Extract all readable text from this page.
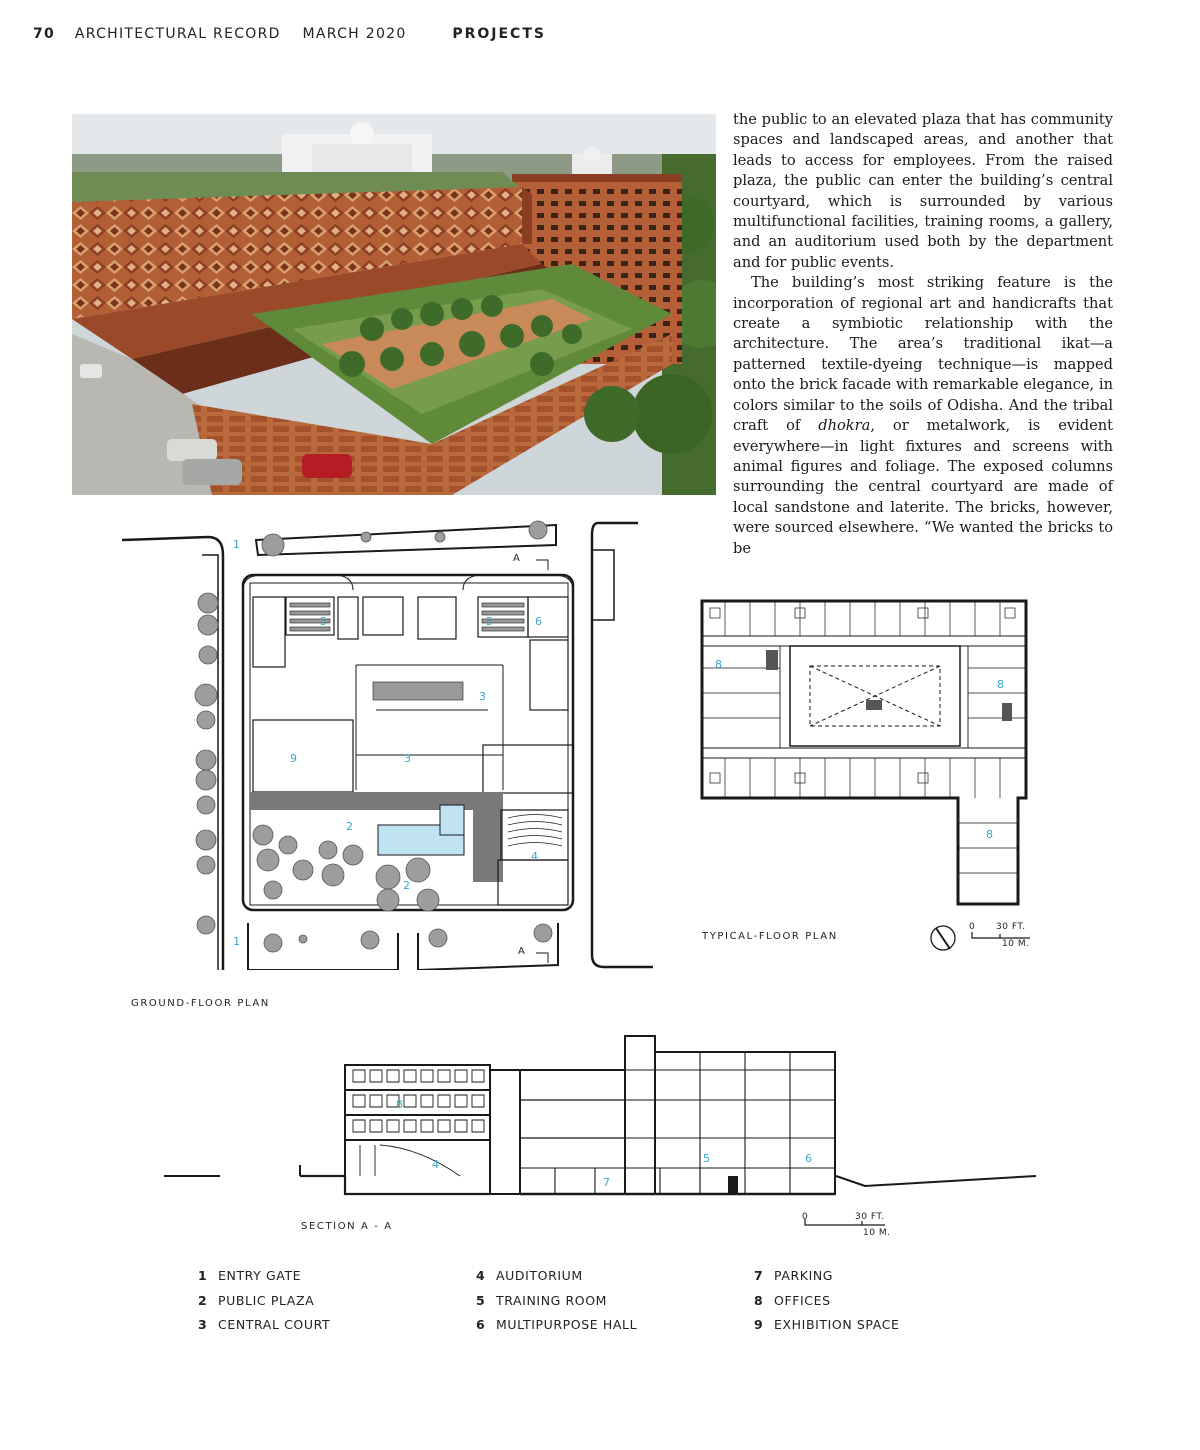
70 ARCHITECTURAL RECORD MARCH 2020	PROJECTS

the public to an elevated plaza that has community spaces and landscaped areas, and another that leads to access for employees. From the raised plaza, the public can enter the building’s central courtyard, which is surrounded by various multifunctional facilities, training rooms, a gallery, and an auditorium used both by the department and for public events.

The building’s most striking feature is the incorporation of regional art and handicrafts that create a symbiotic relationship with the architecture. The area’s traditional ikat—a patterned textile-dyeing technique—is mapped onto the brick facade with remarkable elegance, in colors similar to the soils of Odisha. And the tribal craft of dhokra, or metalwork, is evident everywhere—in light fixtures and screens with animal figures and foliage. The exposed columns surrounding the central courtyard are made of local sandstone and laterite. The bricks, however, were sourced elsewhere. “We wanted the bricks to be

A
A
1
1
2
2
3
3
4
5	5	6
9
GROUND-FLOOR PLAN
8
8
8
TYPICAL-FLOOR PLAN
0 30 FT.
10 M.
8
4
7
5	6
SECTION A - A
0	30 FT.
10 M.
1 ENTRY GATE
2 PUBLIC PLAZA
3 CENTRAL COURT
4 AUDITORIUM
5 TRAINING ROOM
6 MULTIPURPOSE HALL
7 PARKING
8 OFFICES
9 EXHIBITION SPACE
